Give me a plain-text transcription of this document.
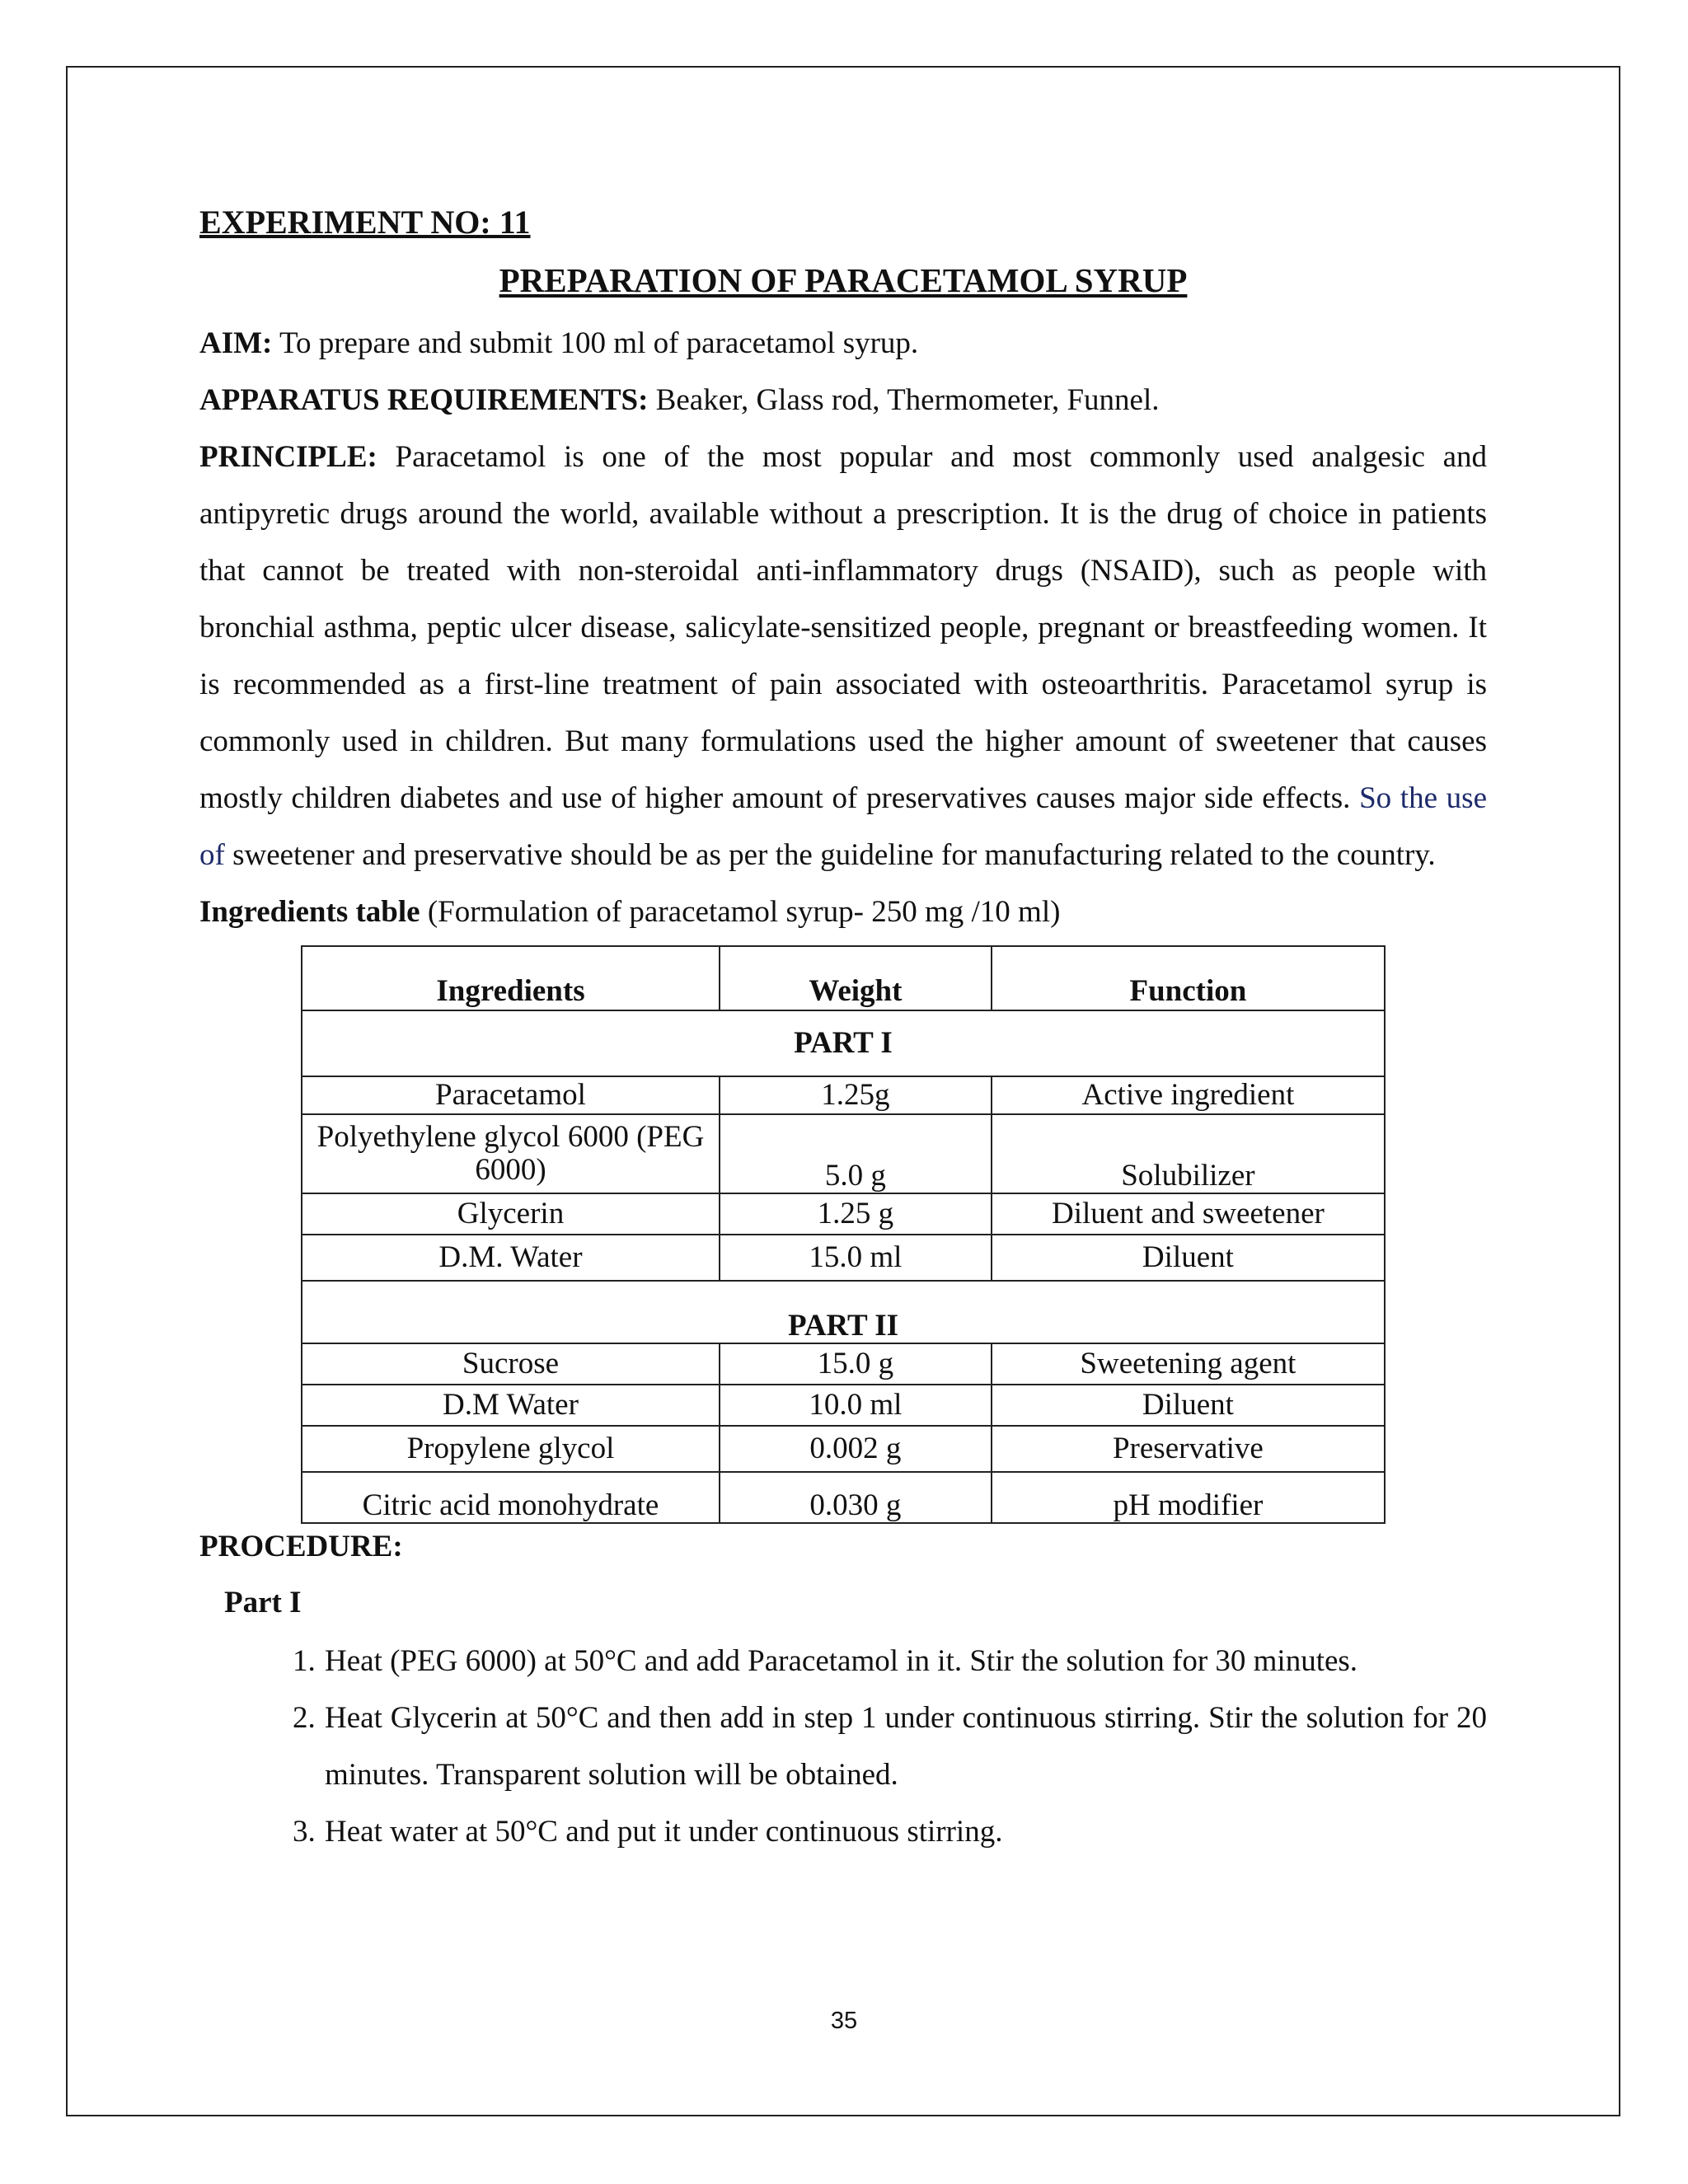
EXPERIMENT NO: 11

PREPARATION OF PARACETAMOL SYRUP

AIM: To prepare and submit 100 ml of paracetamol syrup.

APPARATUS REQUIREMENTS: Beaker, Glass rod, Thermometer, Funnel.

PRINCIPLE: Paracetamol is one of the most popular and most commonly used analgesic and antipyretic drugs around the world, available without a prescription. It is the drug of choice in patients that cannot be treated with non-steroidal anti-inflammatory drugs (NSAID), such as people with bronchial asthma, peptic ulcer disease, salicylate-sensitized people, pregnant or breastfeeding women. It is recommended as a first-line treatment of pain associated with osteoarthritis. Paracetamol syrup is commonly used in children. But many formulations used the higher amount of sweetener that causes mostly children diabetes and use of higher amount of preservatives causes major side effects. So the use of sweetener and preservative should be as per the guideline for manufacturing related to the country.

Ingredients table (Formulation of paracetamol syrup- 250 mg /10 ml)

Ingredients	Weight	Function
PART I		
Paracetamol	1.25g	Active ingredient
Polyethylene glycol 6000 (PEG 6000)	5.0 g	Solubilizer
Glycerin	1.25 g	Diluent and sweetener
D.M. Water	15.0 ml	Diluent
PART II		
Sucrose	15.0 g	Sweetening agent
D.M Water	10.0 ml	Diluent
Propylene glycol	0.002 g	Preservative
Citric acid monohydrate	0.030 g	pH modifier

PROCEDURE:

Part I

1. Heat (PEG 6000) at 50°C and add Paracetamol in it. Stir the solution for 30 minutes.
2. Heat Glycerin at 50°C and then add in step 1 under continuous stirring. Stir the solution for 20 minutes. Transparent solution will be obtained.
3. Heat water at 50°C and put it under continuous stirring.
35
